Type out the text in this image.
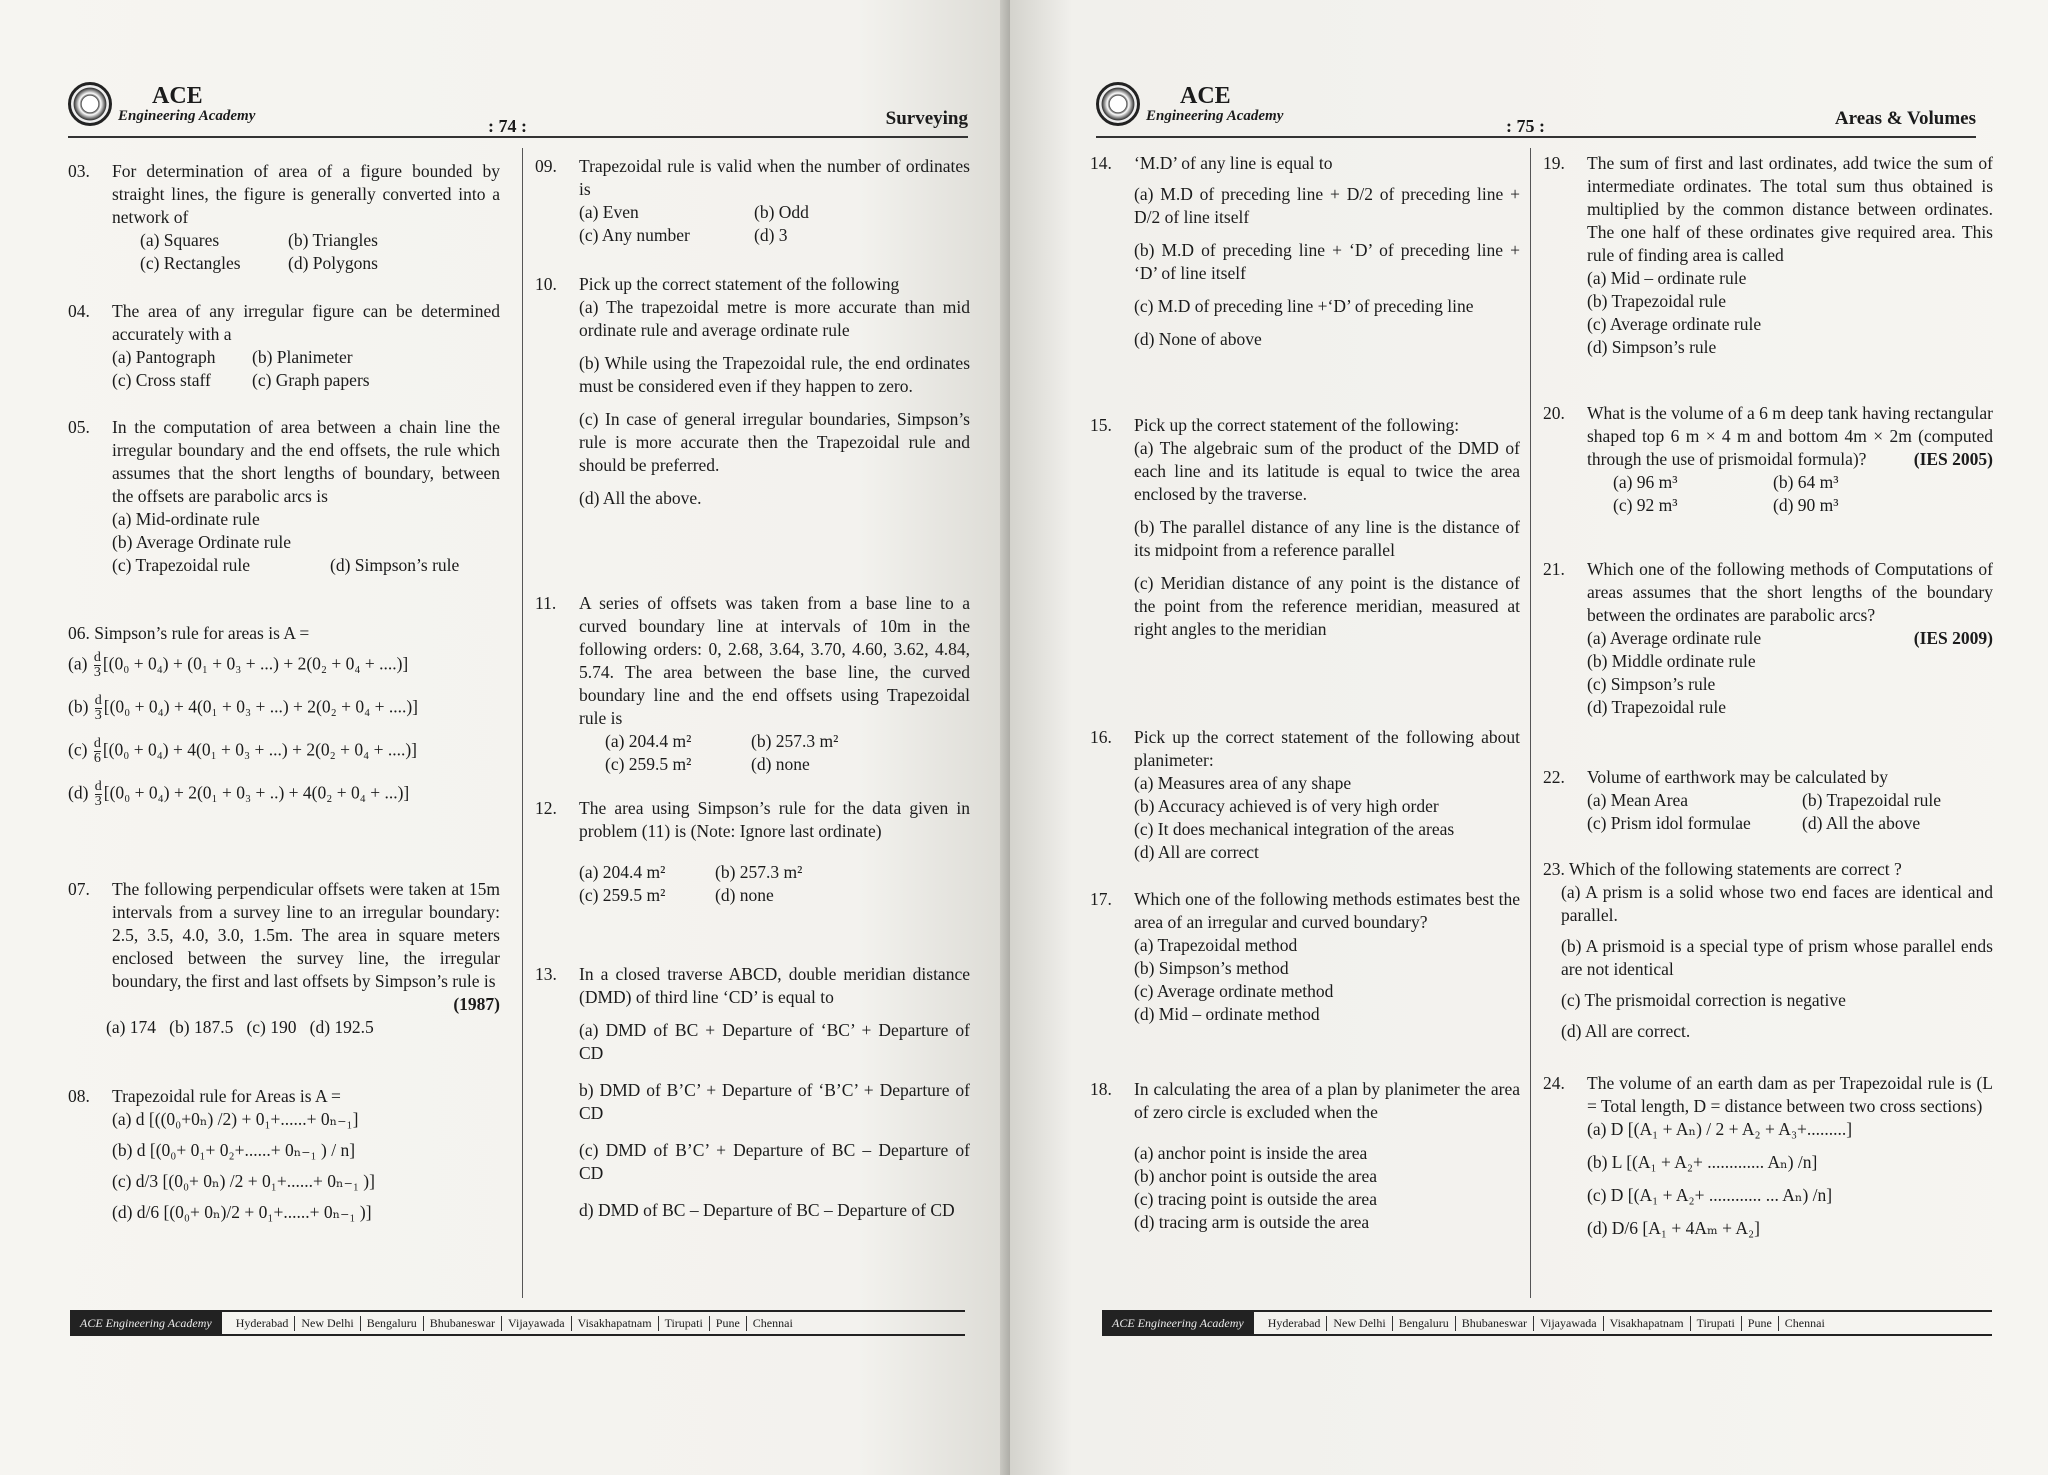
ACE
Engineering Academy	: 74 :	Surveying
03. For determination of area of a figure bounded by straight lines, the figure is generally converted into a network of
(a) Squares	(b) Triangles
(c) Rectangles	(d) Polygons
04. The area of any irregular figure can be determined accurately with a
(a) Pantograph	(b) Planimeter
(c) Cross staff	(c) Graph papers
05. In the computation of area between a chain line the irregular boundary and the end offsets, the rule which assumes that the short lengths of boundary, between the offsets are parabolic arcs is
(a) Mid-ordinate rule
(b) Average Ordinate rule
(c) Trapezoidal rule	(d) Simpson’s rule
06. Simpson’s rule for areas is A =
$(a) \frac{d}{3} [(0_0 + 0_4) + (0_1 + 0_3$ + ...) + 2(0₂ + 0₄ + ....)]
$(b) \frac{d}{3} [(0_0 + 0_4) + 4(0_1 + 0_3$ + ...) + 2(0₂ + 0₄ + ....)]
$(c) \frac{d}{6} [(0_0 + 0_4) + 4(0_1 + 0_3$ + ...) + 2(0₂ + 0₄ + ....)]
$(d) \frac{d}{3} [(0_0 + 0_4) + 2(0_1 + 0_3$ + ..) + 4(0₂ + 0₄ + ...)]
07. The following perpendicular offsets were taken at 15m intervals from a survey line to an irregular boundary: 2.5, 3.5, 4.0, 3.0, 1.5m. The area in square meters enclosed between the survey line, the irregular boundary, the first and last offsets by Simpson’s rule is
(1987)
(a) 174   (b) 187.5   (c) 190   (d) 192.5
08. Trapezoidal rule for Areas is A =
(a) d [((0₀+0ₙ) /2) + 0₁+......+ 0ₙ₋₁]
(b) d [(0₀+ 0₁+ 0₂+......+ 0ₙ₋₁ ) / n]
(c) d/3 [(0₀+ 0ₙ) /2 + 0₁+......+ 0ₙ₋₁ )]
(d) d/6 [(0₀+ 0ₙ)/2 + 0₁+......+ 0ₙ₋₁ )]
09. Trapezoidal rule is valid when the number of ordinates is
(a) Even	(b) Odd
(c) Any number	(d) 3
10. Pick up the correct statement of the following
(a) The trapezoidal metre is more accurate than mid ordinate rule and average ordinate rule
(b) While using the Trapezoidal rule, the end ordinates must be considered even if they happen to zero.
(c) In case of general irregular boundaries, Simpson’s rule is more accurate then the Trapezoidal rule and should be preferred.
(d) All the above.
11. A series of offsets was taken from a base line to a curved boundary line at intervals of 10m in the following orders: 0, 2.68, 3.64, 3.70, 4.60, 3.62, 4.84, 5.74. The area between the base line, the curved boundary line and the end offsets using Trapezoidal rule is
(a) 204.4 m²	(b) 257.3 m²
(c) 259.5 m²	(d) none
12. The area using Simpson’s rule for the data given in problem (11) is (Note: Ignore last ordinate)
(a) 204.4 m²	(b) 257.3 m²
(c) 259.5 m²	(d) none
13. In a closed traverse ABCD, double meridian distance (DMD) of third line ‘CD’ is equal to
(a) DMD of BC + Departure of ‘BC’ + Departure of CD
b) DMD of B’C’ + Departure of ‘B’C’ + Departure of CD
(c) DMD of B’C’ + Departure of BC – Departure of CD
d) DMD of BC – Departure of BC – Departure of CD
ACE Engineering Academy	Hyderabad	New Delhi	Bengaluru	Bhubaneswar	Vijayawada	Visakhapatnam	Tirupati	Pune	Chennai
ACE
Engineering Academy	: 75 :	Areas & Volumes
14. ‘M.D’ of any line is equal to
(a) M.D of preceding line + D/2 of preceding line + D/2 of line itself
(b) M.D of preceding line + ‘D’ of preceding line + ‘D’ of line itself
(c) M.D of preceding line +‘D’ of preceding line
(d) None of above
15. Pick up the correct statement of the following:
(a) The algebraic sum of the product of the DMD of each line and its latitude is equal to twice the area enclosed by the traverse.
(b) The parallel distance of any line is the distance of its midpoint from a reference parallel
(c) Meridian distance of any point is the distance of the point from the reference meridian, measured at right angles to the meridian
16. Pick up the correct statement of the following about planimeter:
(a) Measures area of any shape
(b) Accuracy achieved is of very high order
(c) It does mechanical integration of the areas
(d) All are correct
17. Which one of the following methods estimates best the area of an irregular and curved boundary?
(a) Trapezoidal method
(b) Simpson’s method
(c) Average ordinate method
(d) Mid – ordinate method
18. In calculating the area of a plan by planimeter the area of zero circle is excluded when the
(a) anchor point is inside the area
(b) anchor point is outside the area
(c) tracing point is outside the area
(d) tracing arm is outside the area
19. The sum of first and last ordinates, add twice the sum of intermediate ordinates. The total sum thus obtained is multiplied by the common distance between ordinates. The one half of these ordinates give required area. This rule of finding area is called
(a) Mid – ordinate rule
(b) Trapezoidal rule
(c) Average ordinate rule
(d) Simpson’s rule
20. What is the volume of a 6 m deep tank having rectangular shaped top 6 m × 4 m and bottom 4m × 2m (computed through the use of prismoidal formula)?	(IES 2005)
(a) 96 m³	(b) 64 m³
(c) 92 m³	(d) 90 m³
21. Which one of the following methods of Computations of areas assumes that the short lengths of the boundary between the ordinates are parabolic arcs?
(IES 2009)
(a) Average ordinate rule
(b) Middle ordinate rule
(c) Simpson’s rule
(d) Trapezoidal rule
22. Volume of earthwork may be calculated by
(a) Mean Area	(b) Trapezoidal rule
(c) Prism idol formulae	(d) All the above
23. Which of the following statements are correct ?
(a) A prism is a solid whose two end faces are identical and parallel.
(b) A prismoid is a special type of prism whose parallel ends are not identical
(c) The prismoidal correction is negative
(d) All are correct.
24. The volume of an earth dam as per Trapezoidal rule is (L = Total length, D = distance between two cross sections)
(a) D [(A₁ + Aₙ) / 2 + A₂ + A₃+.........]
(b) L [(A₁ + A₂+ ............. Aₙ) /n]
(c) D [(A₁ + A₂+ ............ ... Aₙ) /n]
(d) D/6 [A₁ + 4Aₘ + A₂]
ACE Engineering Academy	Hyderabad	New Delhi	Bengaluru	Bhubaneswar	Vijayawada	Visakhapatnam	Tirupati	Pune	Chennai
